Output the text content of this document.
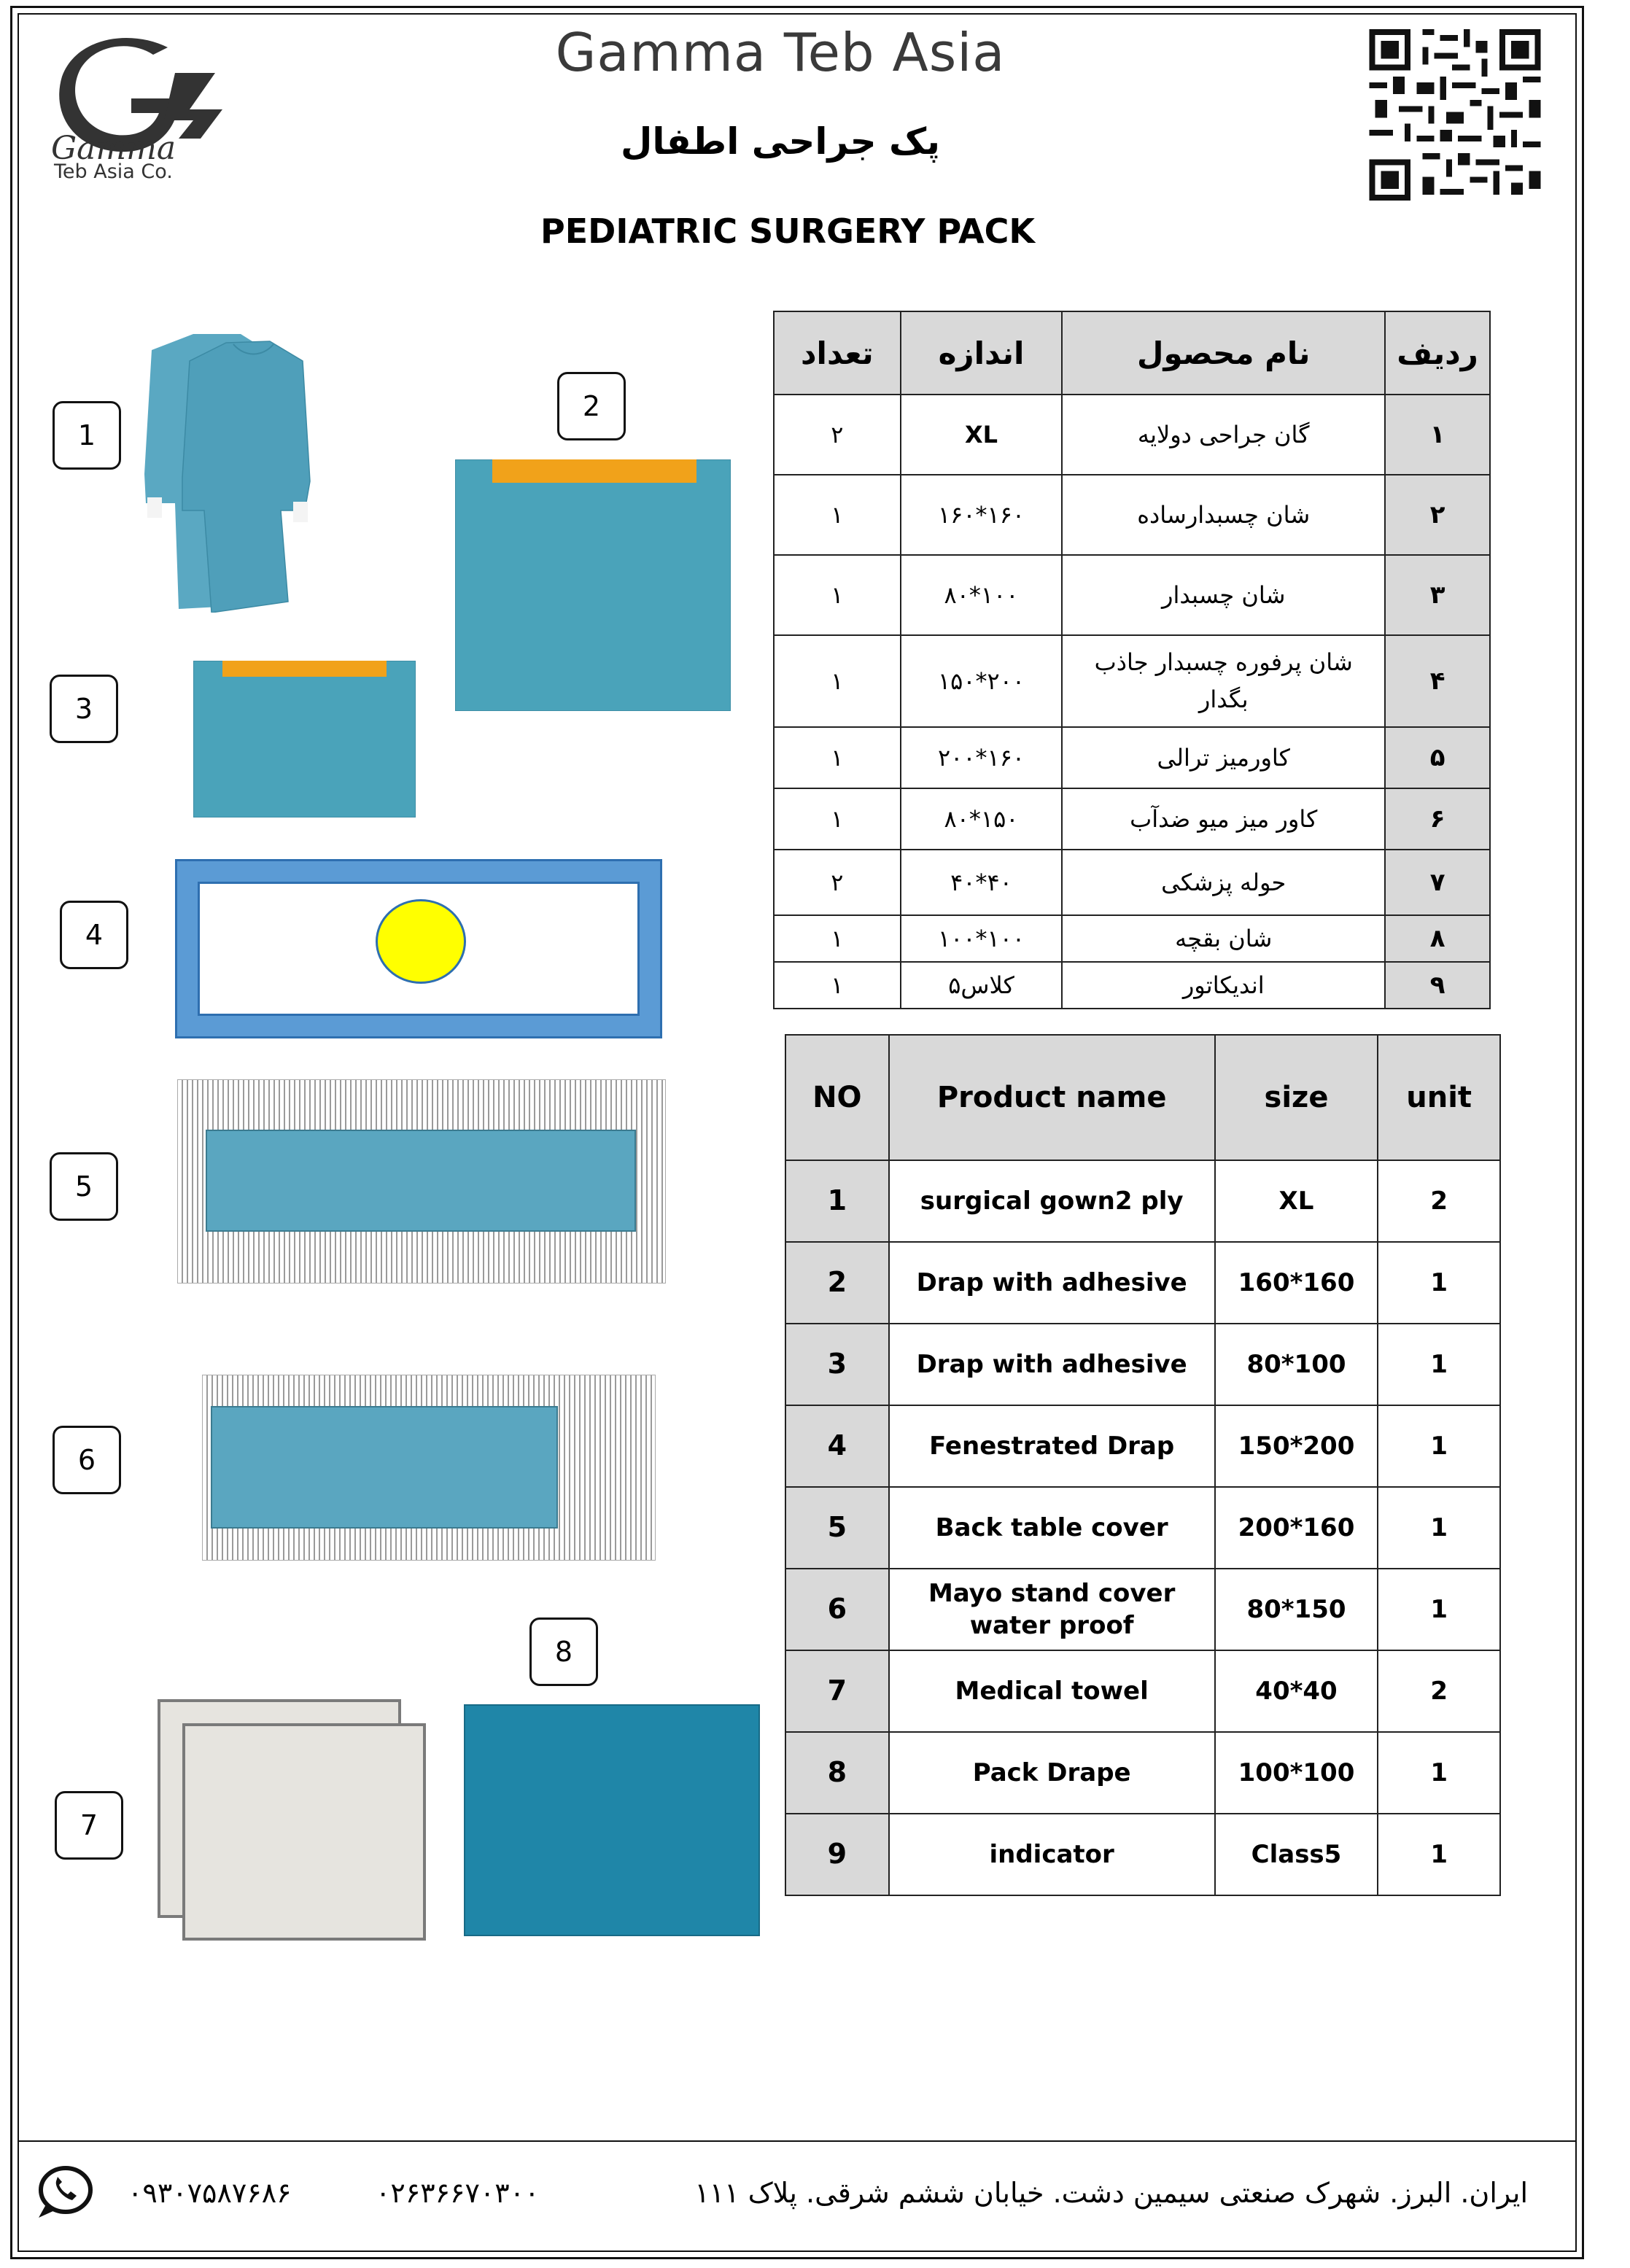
Gamma
Teb Asia Co.
Gamma Teb Asia
پک جراحی اطفال
PEDIATRIC SURGERY PACK
1
2
3
4
5
6
8
7
ردیف	نام محصول	اندازه	تعداد
۱	گان جراحی دولایه	XL	۲
۲	شان چسبدارساده	۱۶۰*۱۶۰	۱
۳	شان چسبدار	۱۰۰*۸۰	۱
۴	شان پرفوره چسبدار جاذب بگدار	۲۰۰*۱۵۰	۱
۵	کاورمیز ترالی	۱۶۰*۲۰۰	۱
۶	کاور میز میو ضدآب	۱۵۰*۸۰	۱
۷	حوله پزشکی	۴۰*۴۰	۲
۸	شان بقچه	۱۰۰*۱۰۰	۱
۹	اندیکاتور	کلاس۵	۱
NO	Product name	size	unit
1	surgical gown2 ply	XL	2
2	Drap with adhesive	160*160	1
3	Drap with adhesive	80*100	1
4	Fenestrated Drap	150*200	1
5	Back table cover	200*160	1
6	Mayo stand cover water proof	80*150	1
7	Medical towel	40*40	2
8	Pack Drape	100*100	1
9	indicator	Class5	1
۰۹۳۰۷۵۸۷۶۸۶	۰۲۶۳۶۶۷۰۳۰۰	ایران. البرز. شهرک صنعتی سیمین دشت. خیابان ششم شرقی. پلاک ۱۱۱
